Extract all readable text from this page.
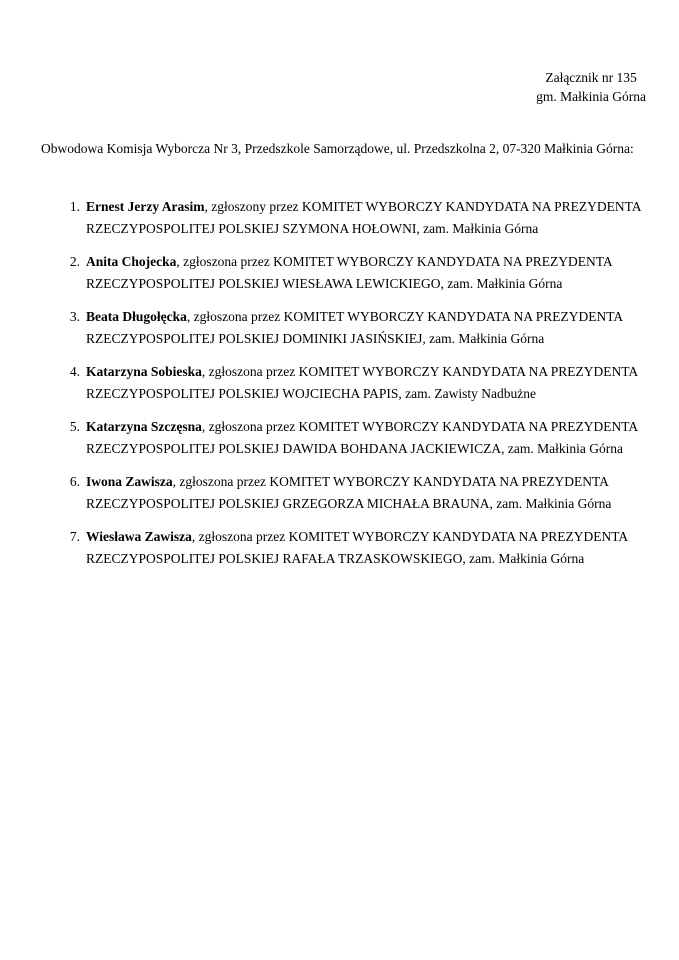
Załącznik nr 135
gm. Małkinia Górna

Obwodowa Komisja Wyborcza Nr 3, Przedszkole Samorządowe, ul. Przedszkolna 2, 07-320 Małkinia Górna:

1. Ernest Jerzy Arasim, zgłoszony przez KOMITET WYBORCZY KANDYDATA NA PREZYDENTA RZECZYPOSPOLITEJ POLSKIEJ SZYMONA HOŁOWNI, zam. Małkinia Górna
2. Anita Chojecka, zgłoszona przez KOMITET WYBORCZY KANDYDATA NA PREZYDENTA RZECZYPOSPOLITEJ POLSKIEJ WIESŁAWA LEWICKIEGO, zam. Małkinia Górna
3. Beata Długołęcka, zgłoszona przez KOMITET WYBORCZY KANDYDATA NA PREZYDENTA RZECZYPOSPOLITEJ POLSKIEJ DOMINIKI JASIŃSKIEJ, zam. Małkinia Górna
4. Katarzyna Sobieska, zgłoszona przez KOMITET WYBORCZY KANDYDATA NA PREZYDENTA RZECZYPOSPOLITEJ POLSKIEJ WOJCIECHA PAPIS, zam. Zawisty Nadbużne
5. Katarzyna Szczęsna, zgłoszona przez KOMITET WYBORCZY KANDYDATA NA PREZYDENTA RZECZYPOSPOLITEJ POLSKIEJ DAWIDA BOHDANA JACKIEWICZA, zam. Małkinia Górna
6. Iwona Zawisza, zgłoszona przez KOMITET WYBORCZY KANDYDATA NA PREZYDENTA RZECZYPOSPOLITEJ POLSKIEJ GRZEGORZA MICHAŁA BRAUNA, zam. Małkinia Górna
7. Wiesława Zawisza, zgłoszona przez KOMITET WYBORCZY KANDYDATA NA PREZYDENTA RZECZYPOSPOLITEJ POLSKIEJ RAFAŁA TRZASKOWSKIEGO, zam. Małkinia Górna
